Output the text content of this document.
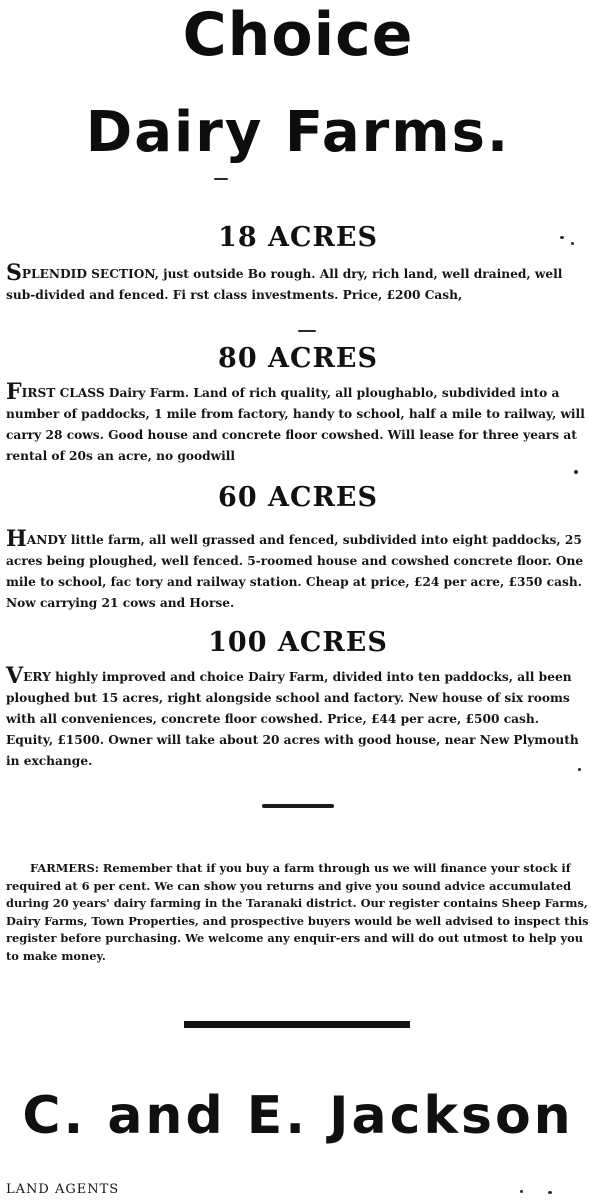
Choice
Dairy Farms.
18 ACRES
SPLENDID SECTION, just outside Bo rough. All dry, rich land, well drained, well sub-divided and fenced. Fi rst class investments. Price, £200 Cash,
80 ACRES
FIRST CLASS Dairy Farm. Land of rich quality, all ploughablo, subdivided into a number of paddocks, 1 mile from factory, handy to school, half a mile to railway, will carry 28 cows. Good house and concrete floor cowshed. Will lease for three years at rental of 20s an acre, no goodwill
60 ACRES
HANDY little farm, all well grassed and fenced, subdivided into eight paddocks, 25 acres being ploughed, well fenced. 5-roomed house and cowshed concrete floor. One mile to school, fac tory and railway station. Cheap at price, £24 per acre, £350 cash. Now carrying 21 cows and Horse.
100 ACRES
VERY highly improved and choice Dairy Farm, divided into ten paddocks, all been ploughed but 15 acres, right alongside school and factory. New house of six rooms with all conveniences, concrete floor cowshed. Price, £44 per acre, £500 cash. Equity, £1500. Owner will take about 20 acres with good house, near New Plymouth in exchange.
FARMERS: Remember that if you buy a farm through us we will finance your stock if required at 6 per cent. We can show you returns and give you sound advice accumulated during 20 years' dairy farming in the Taranaki district. Our register contains Sheep Farms, Dairy Farms, Town Properties, and prospective buyers would be well advised to inspect this register before purchasing. We welcome any enquir-ers and will do out utmost to help you to make money.
C. and E. Jackson
LAND AGENTS
